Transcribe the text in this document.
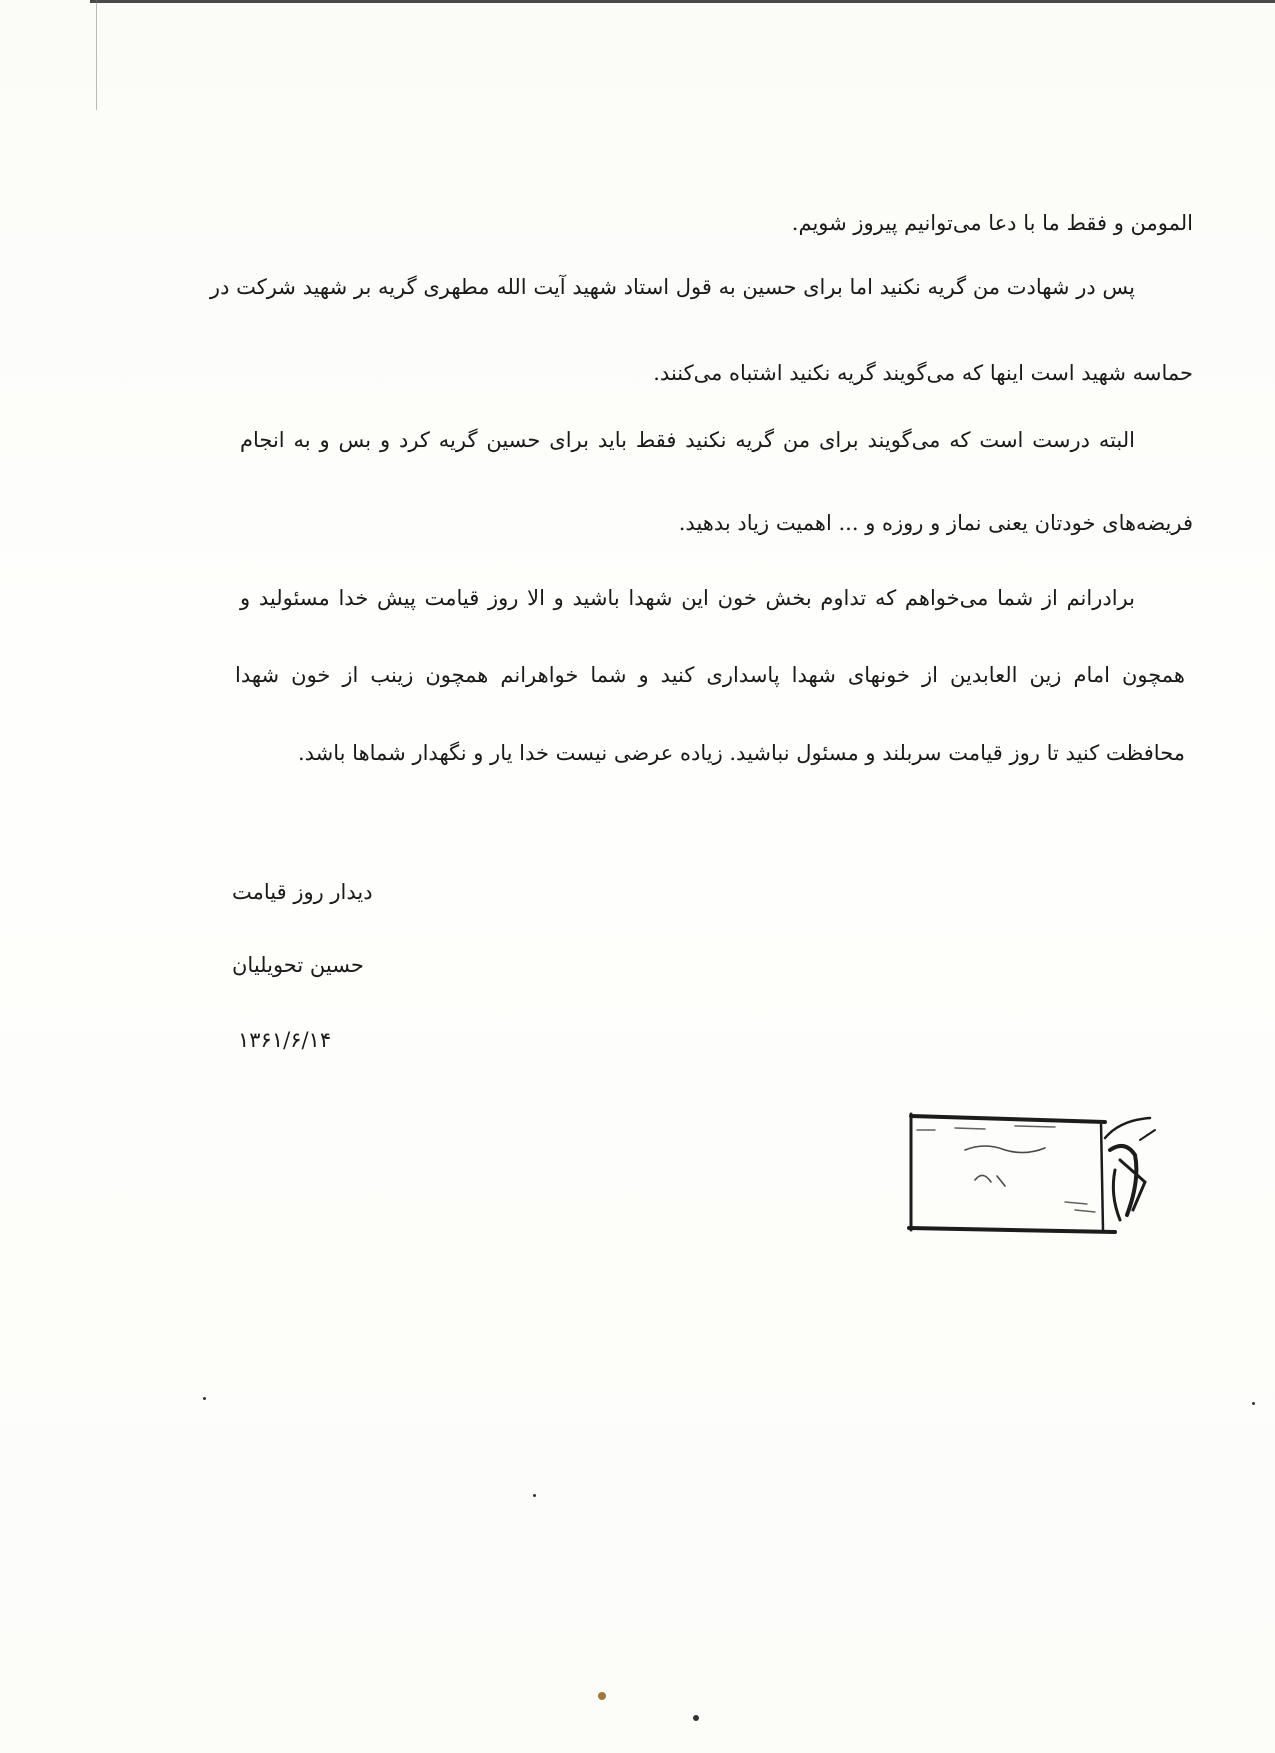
المومن و فقط ما با دعا می‌توانیم پیروز شویم.
پس در شهادت من گریه نکنید اما برای حسین به قول استاد شهید آیت الله مطهری گریه بر شهید شرکت در
حماسه شهید است اینها که می‌گویند گریه نکنید اشتباه می‌کنند.
البته درست است که می‌گویند برای من گریه نکنید فقط باید برای حسین گریه کرد و بس و به انجام
فریضه‌های خودتان یعنی نماز و روزه و ... اهمیت زیاد بدهید.
برادرانم از شما می‌خواهم که تداوم بخش خون این شهدا باشید و الا روز قیامت پیش خدا مسئولید و
همچون امام زین العابدین از خونهای شهدا پاسداری کنید و شما خواهرانم همچون زینب از خون شهدا
محافظت کنید تا روز قیامت سربلند و مسئول نباشید. زیاده عرضی نیست خدا یار و نگهدار شماها باشد.
دیدار روز قیامت
حسین تحویلیان
۱۳۶۱/۶/۱۴
